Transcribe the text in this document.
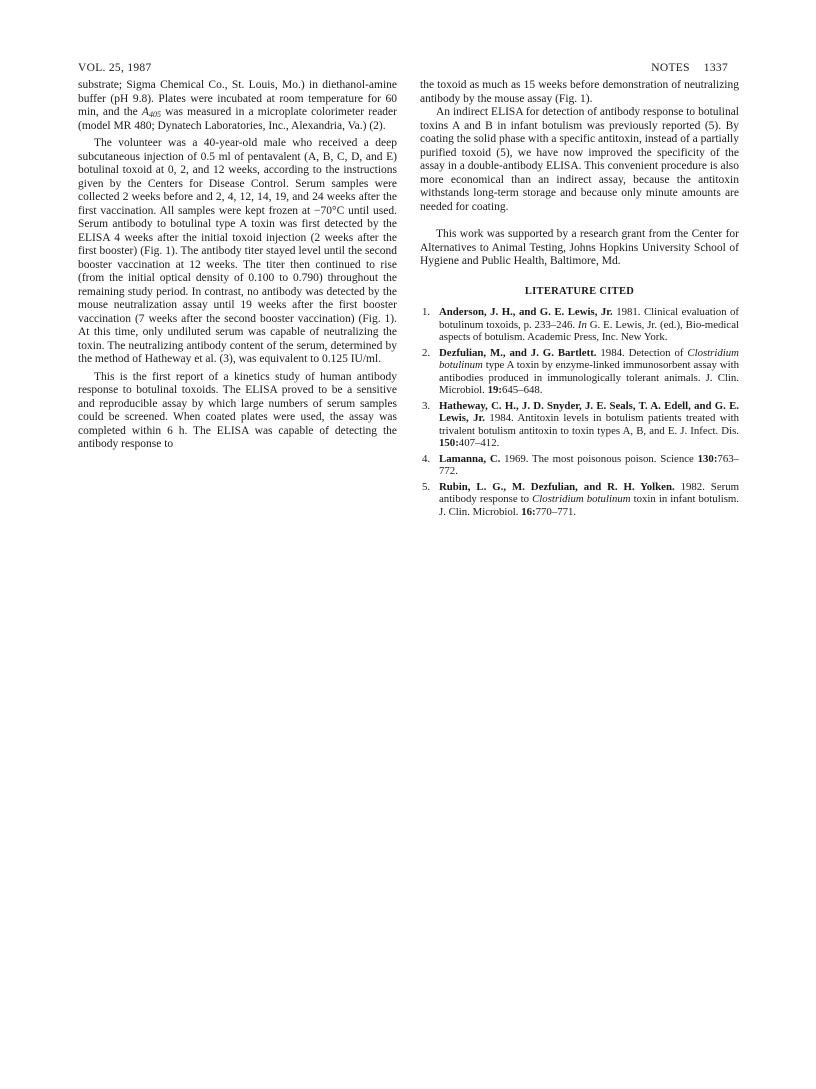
VOL. 25, 1987	NOTES 1337

substrate; Sigma Chemical Co., St. Louis, Mo.) in diethanol-amine buffer (pH 9.8). Plates were incubated at room temperature for 60 min, and the $A_{405}$ was measured in a microplate colorimeter reader (model MR 480; Dynatech Laboratories, Inc., Alexandria, Va.) (2).

The volunteer was a 40-year-old male who received a deep subcutaneous injection of 0.5 ml of pentavalent (A, B, C, D, and E) botulinal toxoid at 0, 2, and 12 weeks, according to the instructions given by the Centers for Disease Control. Serum samples were collected 2 weeks before and 2, 4, 12, 14, 19, and 24 weeks after the first vaccination. All samples were kept frozen at −70°C until used. Serum antibody to botulinal type A toxin was first detected by the ELISA 4 weeks after the initial toxoid injection (2 weeks after the first booster) (Fig. 1). The antibody titer stayed level until the second booster vaccination at 12 weeks. The titer then continued to rise (from the initial optical density of 0.100 to 0.790) throughout the remaining study period. In contrast, no antibody was detected by the mouse neutralization assay until 19 weeks after the first booster vaccination (7 weeks after the second booster vaccination) (Fig. 1). At this time, only undiluted serum was capable of neutralizing the toxin. The neutralizing antibody content of the serum, determined by the method of Hatheway et al. (3), was equivalent to 0.125 IU/ml.

This is the first report of a kinetics study of human antibody response to botulinal toxoids. The ELISA proved to be a sensitive and reproducible assay by which large numbers of serum samples could be screened. When coated plates were used, the assay was completed within 6 h. The ELISA was capable of detecting the antibody response to

the toxoid as much as 15 weeks before demonstration of neutralizing antibody by the mouse assay (Fig. 1).

An indirect ELISA for detection of antibody response to botulinal toxins A and B in infant botulism was previously reported (5). By coating the solid phase with a specific antitoxin, instead of a partially purified toxoid (5), we have now improved the specificity of the assay in a double-antibody ELISA. This convenient procedure is also more economical than an indirect assay, because the antitoxin withstands long-term storage and because only minute amounts are needed for coating.

This work was supported by a research grant from the Center for Alternatives to Animal Testing, Johns Hopkins University School of Hygiene and Public Health, Baltimore, Md.

LITERATURE CITED

1. Anderson, J. H., and G. E. Lewis, Jr. 1981. Clinical evaluation of botulinum toxoids, p. 233–246. In G. E. Lewis, Jr. (ed.), Bio-medical aspects of botulism. Academic Press, Inc. New York.
2. Dezfulian, M., and J. G. Bartlett. 1984. Detection of Clostridium botulinum type A toxin by enzyme-linked immunosorbent assay with antibodies produced in immunologically tolerant animals. J. Clin. Microbiol. 19:645–648.
3. Hatheway, C. H., J. D. Snyder, J. E. Seals, T. A. Edell, and G. E. Lewis, Jr. 1984. Antitoxin levels in botulism patients treated with trivalent botulism antitoxin to toxin types A, B, and E. J. Infect. Dis. 150:407–412.
4. Lamanna, C. 1969. The most poisonous poison. Science 130:763–772.
5. Rubin, L. G., M. Dezfulian, and R. H. Yolken. 1982. Serum antibody response to Clostridium botulinum toxin in infant botulism. J. Clin. Microbiol. 16:770–771.
